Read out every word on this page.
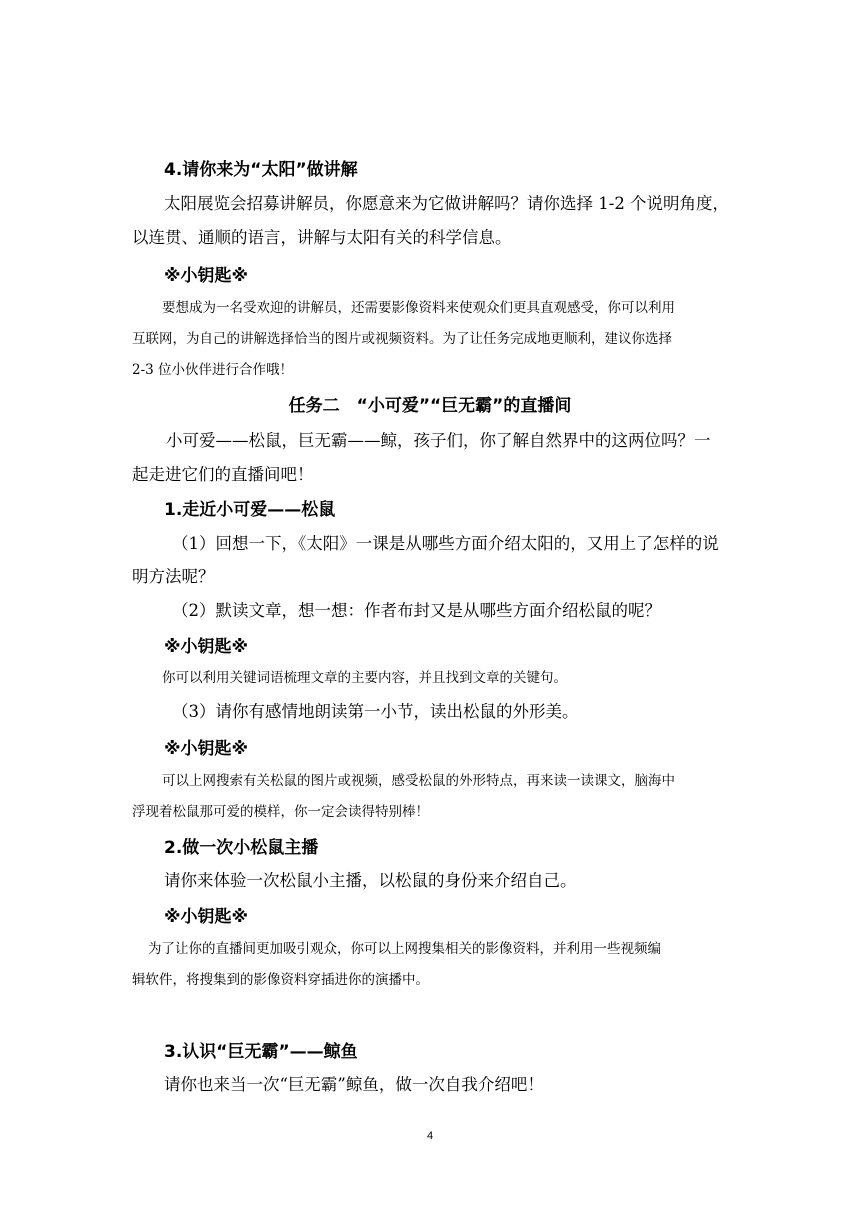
4.请你来为“太阳”做讲解

太阳展览会招募讲解员，你愿意来为它做讲解吗？请你选择 1-2 个说明角度，

以连贯、通顺的语言，讲解与太阳有关的科学信息。

※小钥匙※

要想成为一名受欢迎的讲解员，还需要影像资料来使观众们更具直观感受，你可以利用

互联网，为自己的讲解选择恰当的图片或视频资料。为了让任务完成地更顺利，建议你选择

2-3 位小伙伴进行合作哦！

任务二　“小可爱”“巨无霸”的直播间

小可爱——松鼠，巨无霸——鲸，孩子们，你了解自然界中的这两位吗？一

起走进它们的直播间吧！

1.走近小可爱——松鼠

（1）回想一下，《太阳》一课是从哪些方面介绍太阳的，又用上了怎样的说

明方法呢？

（2）默读文章，想一想：作者布封又是从哪些方面介绍松鼠的呢？

※小钥匙※

你可以利用关键词语梳理文章的主要内容，并且找到文章的关键句。

（3）请你有感情地朗读第一小节，读出松鼠的外形美。

※小钥匙※

可以上网搜索有关松鼠的图片或视频，感受松鼠的外形特点，再来读一读课文，脑海中

浮现着松鼠那可爱的模样，你一定会读得特别棒！

2.做一次小松鼠主播

请你来体验一次松鼠小主播，以松鼠的身份来介绍自己。

※小钥匙※

为了让你的直播间更加吸引观众，你可以上网搜集相关的影像资料，并利用一些视频编

辑软件，将搜集到的影像资料穿插进你的演播中。

3.认识“巨无霸”——鲸鱼

请你也来当一次“巨无霸”鲸鱼，做一次自我介绍吧！

4
